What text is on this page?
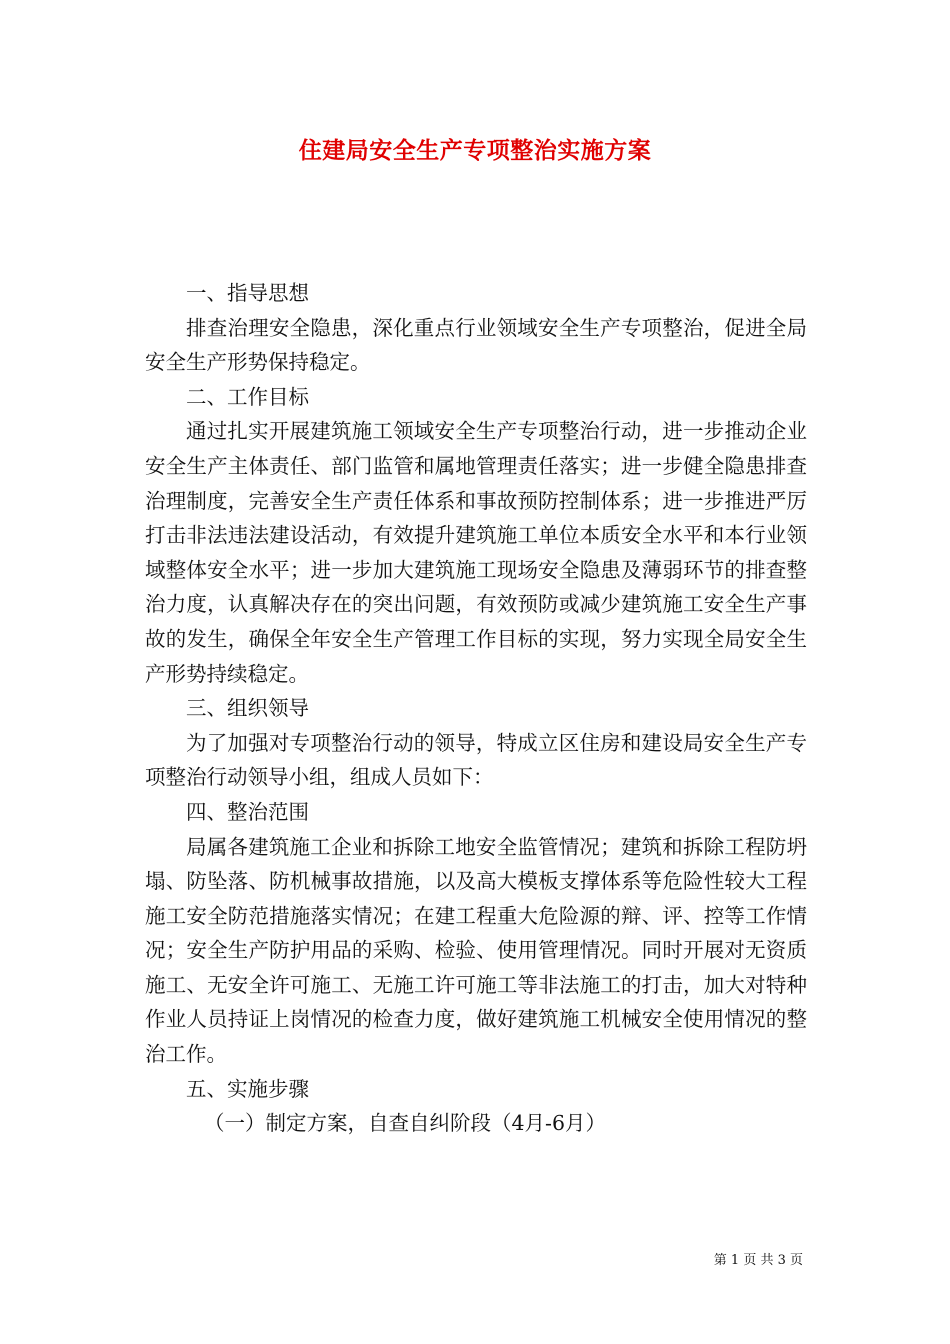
住建局安全生产专项整治实施方案

一、指导思想

排查治理安全隐患，深化重点行业领域安全生产专项整治，促进全局安全生产形势保持稳定。

二、工作目标

通过扎实开展建筑施工领域安全生产专项整治行动，进一步推动企业安全生产主体责任、部门监管和属地管理责任落实；进一步健全隐患排查治理制度，完善安全生产责任体系和事故预防控制体系；进一步推进严厉打击非法违法建设活动，有效提升建筑施工单位本质安全水平和本行业领域整体安全水平；进一步加大建筑施工现场安全隐患及薄弱环节的排查整治力度，认真解决存在的突出问题，有效预防或减少建筑施工安全生产事故的发生，确保全年安全生产管理工作目标的实现，努力实现全局安全生产形势持续稳定。

三、组织领导

为了加强对专项整治行动的领导，特成立区住房和建设局安全生产专项整治行动领导小组，组成人员如下：

四、整治范围

局属各建筑施工企业和拆除工地安全监管情况；建筑和拆除工程防坍塌、防坠落、防机械事故措施，以及高大模板支撑体系等危险性较大工程施工安全防范措施落实情况；在建工程重大危险源的辩、评、控等工作情况；安全生产防护用品的采购、检验、使用管理情况。同时开展对无资质施工、无安全许可施工、无施工许可施工等非法施工的打击，加大对特种作业人员持证上岗情况的检查力度，做好建筑施工机械安全使用情况的整治工作。

五、实施步骤

（一）制定方案，自查自纠阶段（4月-6月）

第 1 页 共 3 页
